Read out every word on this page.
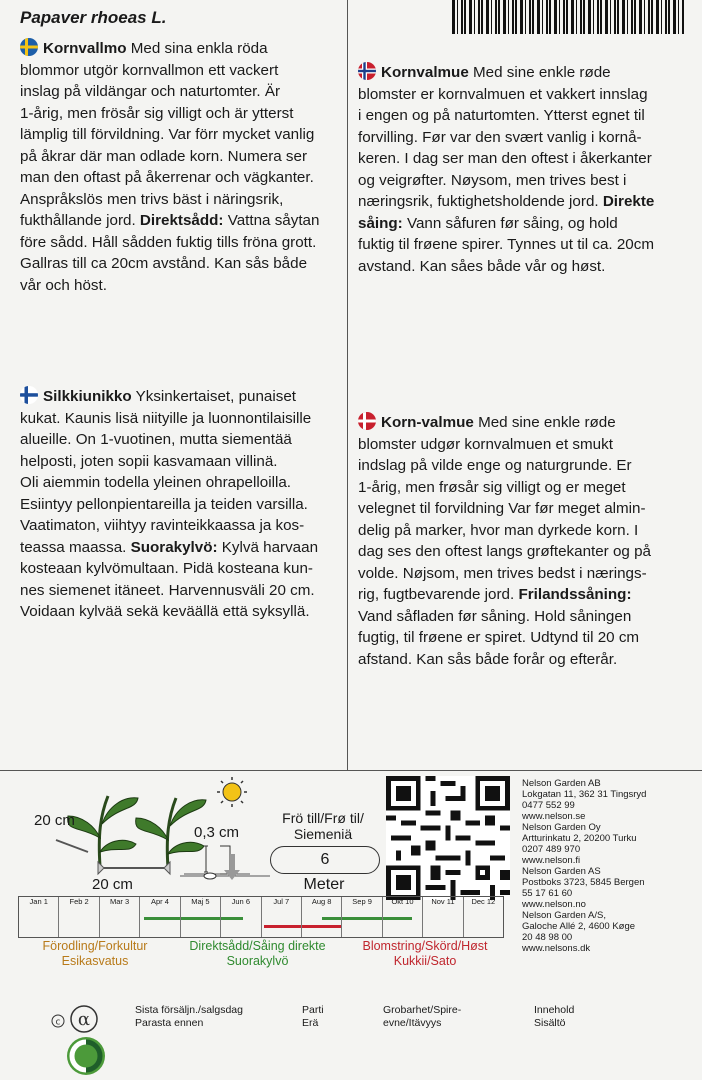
Papaver rhoeas L.
Kornvallmo Med sina enkla röda
blommor utgör kornvallmon ett vackert
inslag på vildängar och naturtomter. Är
1-årig, men frösår sig villigt och är ytterst
lämplig till förvildning. Var förr mycket vanlig
på åkrar där man odlade korn. Numera ser
man den oftast på åkerrenar och vägkanter.
Anspråkslös men trivs bäst i näringsrik,
fukthållande jord. Direktsådd: Vattna såytan
före sådd. Håll sådden fuktig tills fröna grott.
Gallras till ca 20cm avstånd. Kan sås både
vår och höst.
Kornvalmue Med sine enkle røde
blomster er kornvalmuen et vakkert innslag
i engen og på naturtomten. Ytterst egnet til
forvilling. Før var den svært vanlig i kornå-
keren. I dag ser man den oftest i åkerkanter
og veigrøfter. Nøysom, men trives best i
næringsrik, fuktighetsholdende jord. Direkte
såing: Vann såfuren før såing, og hold
fuktig til frøene spirer. Tynnes ut til ca. 20cm
avstand. Kan såes både vår og høst.
Silkkiunikko Yksinkertaiset, punaiset
kukat. Kaunis lisä niityille ja luonnontilaisille
alueille. On 1-vuotinen, mutta siementää
helposti, joten sopii kasvamaan villinä.
Oli aiemmin todella yleinen ohrapelloilla.
Esiintyy pellonpientareilla ja teiden varsilla.
Vaatimaton, viihtyy ravinteikkaassa ja kos-
teassa maassa. Suorakylvö: Kylvä harvaan
kosteaan kylvömultaan. Pidä kosteana kun-
nes siemenet itäneet. Harvennusväli 20 cm.
Voidaan kylvää sekä keväällä että syksyllä.
Korn-valmue Med sine enkle røde
blomster udgør kornvalmuen et smukt
indslag på vilde enge og naturgrunde. Er
1-årig, men frøsår sig villigt og er meget
velegnet til forvildning Var før meget almin-
delig på marker, hvor man dyrkede korn. I
dag ses den oftest langs grøftekanter og på
volde. Nøjsom, men trives bedst i nærings-
rig, fugtbevarende jord. Frilandssåning:
Vand såfladen før såning. Hold såningen
fugtig, til frøene er spiret. Udtynd til 20 cm
afstand. Kan sås både forår og efterår.
20 cm
20 cm
0,3 cm
Frö till/Frø til/
Siemeniä
6
Meter
Nelson Garden AB
Lokgatan 11, 362 31 Tingsryd
0477 552 99
www.nelson.se
Nelson Garden Oy
Artturinkatu 2, 20200 Turku
0207 489 970
www.nelson.fi
Nelson Garden AS
Postboks 3723, 5845 Bergen
55 17 61 60
www.nelson.no
Nelson Garden A/S,
Galoche Allé 2, 4600 Køge
20 48 98 00
www.nelsons.dk
Jan 1	Feb 2	Mar 3	Apr 4	Maj 5	Jun 6	Jul 7	Aug 8	Sep 9	Okt 10	Nov 11	Dec 12
Förodling/Forkultur
Esikasvatus
Direktsådd/Såing direkte
Suorakylvö
Blomstring/Skörd/Høst
Kukkii/Sato
c α	Sista försäljn./salgsdag
Parasta ennen
Parti
Erä
Grobarhet/Spire-
evne/Itävyys
Innehold
Sisältö
